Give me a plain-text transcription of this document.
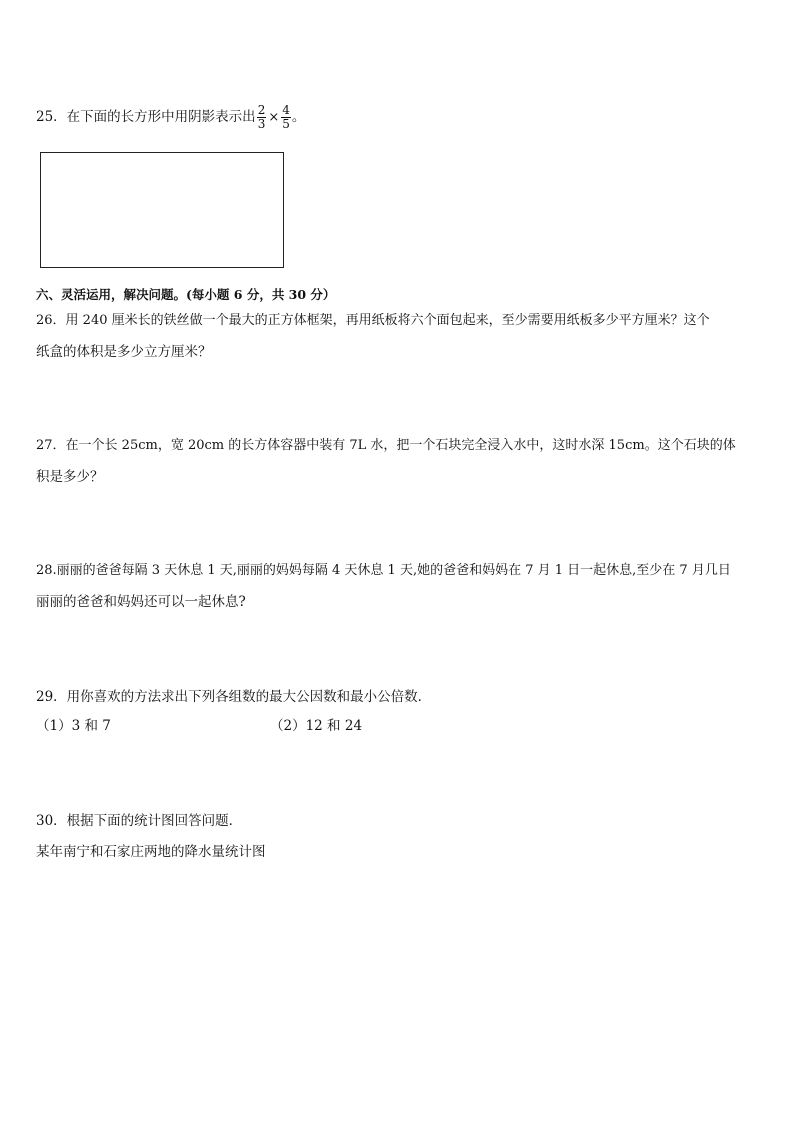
25．在下面的长方形中用阴影表示出 $\frac{2}{3} \times \frac{4}{5}$ 。
六、灵活运用，解决问题。(每小题 6 分，共 30 分）
26．用 240 厘米长的铁丝做一个最大的正方体框架，再用纸板将六个面包起来，至少需要用纸板多少平方厘米？这个
纸盒的体积是多少立方厘米？
27．在一个长 25cm，宽 20cm 的长方体容器中装有 7L 水，把一个石块完全浸入水中，这时水深 15cm。这个石块的体
积是多少？
28.丽丽的爸爸每隔 3 天休息 1 天,丽丽的妈妈每隔 4 天休息 1 天,她的爸爸和妈妈在 7 月 1 日一起休息,至少在 7 月几日
丽丽的爸爸和妈妈还可以一起休息?
29．用你喜欢的方法求出下列各组数的最大公因数和最小公倍数．
（1）3 和 7	（2）12 和 24
30．根据下面的统计图回答问题．
某年南宁和石家庄两地的降水量统计图
